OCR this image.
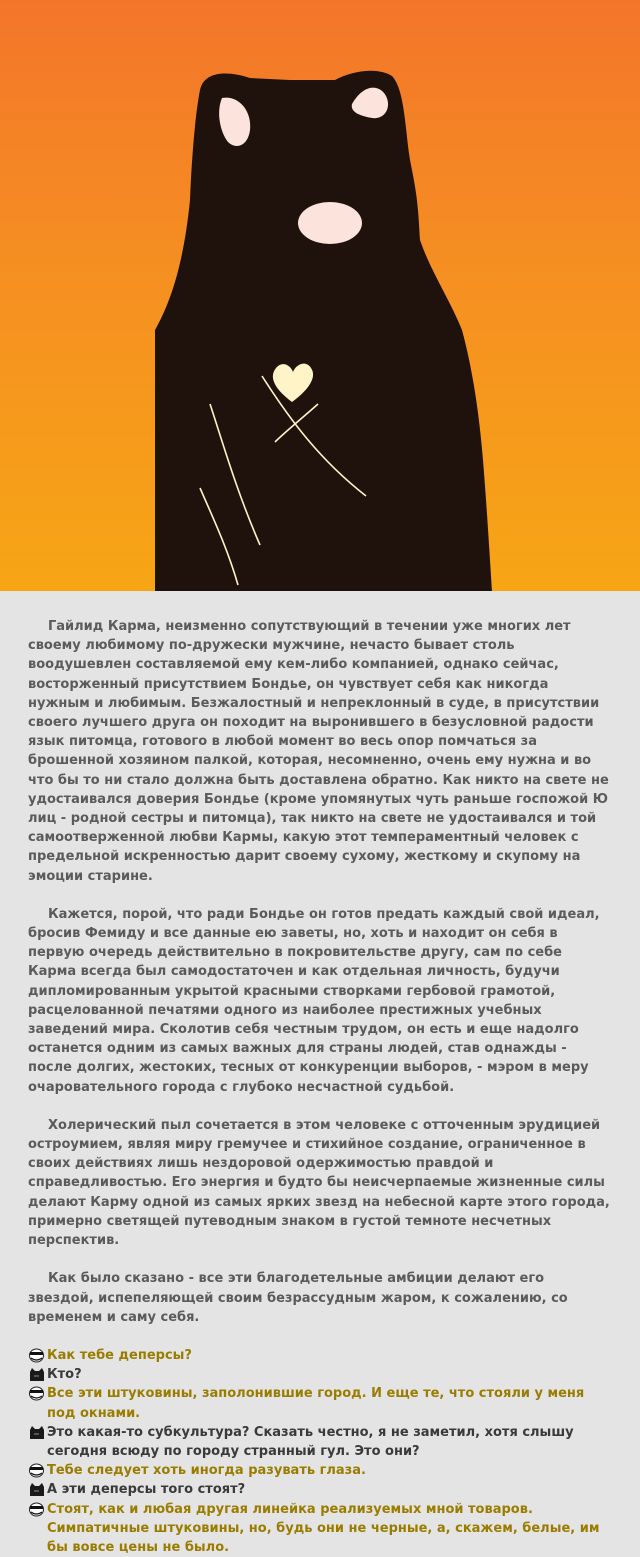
Гайлид Карма, неизменно сопутствующий в течении уже многих лет своему любимому по-дружески мужчине, нечасто бывает столь воодушевлен составляемой ему кем-либо компанией, однако сейчас, восторженный присутствием Бондье, он чувствует себя как никогда нужным и любимым. Безжалостный и непреклонный в суде, в присутствии своего лучшего друга он походит на выронившего в безусловной радости язык питомца, готового в любой момент во весь опор помчаться за брошенной хозяином палкой, которая, несомненно, очень ему нужна и во что бы то ни стало должна быть доставлена обратно. Как никто на свете не удостаивался доверия Бондье (кроме упомянутых чуть раньше госпожой Ю лиц - родной сестры и питомца), так никто на свете не удостаивался и той самоотверженной любви Кармы, какую этот темпераментный человек с предельной искренностью дарит своему сухому, жесткому и скупому на эмоции старине.

Кажется, порой, что ради Бондье он готов предать каждый свой идеал, бросив Фемиду и все данные ею заветы, но, хоть и находит он себя в первую очередь действительно в покровительстве другу, сам по себе Карма всегда был самодостаточен и как отдельная личность, будучи дипломированным укрытой красными створками гербовой грамотой, расцелованной печатями одного из наиболее престижных учебных заведений мира. Сколотив себя честным трудом, он есть и еще надолго останется одним из самых важных для страны людей, став однажды - после долгих, жестоких, тесных от конкуренции выборов, - мэром в меру очаровательного города с глубоко несчастной судьбой.

Холерический пыл сочетается в этом человеке с отточенным эрудицией остроумием, являя миру гремучее и стихийное создание, ограниченное в своих действиях лишь нездоровой одержимостью правдой и справедливостью. Его энергия и будто бы неисчерпаемые жизненные силы делают Карму одной из самых ярких звезд на небесной карте этого города, примерно светящей путеводным знаком в густой темноте несчетных перспектив.

Как было сказано - все эти благодетельные амбиции делают его звездой, испепеляющей своим безрассудным жаром, к сожалению, со временем и саму себя.

Как тебе деперсы?
Кто?
Все эти штуковины, заполонившие город. И еще те, что стояли у меня под окнами.
Это какая-то субкультура? Сказать честно, я не заметил, хотя слышу сегодня всюду по городу странный гул. Это они?
Тебе следует хоть иногда разувать глаза.
А эти деперсы того стоят?
Стоят, как и любая другая линейка реализуемых мной товаров. Симпатичные штуковины, но, будь они не черные, а, скажем, белые, им бы вовсе цены не было.
